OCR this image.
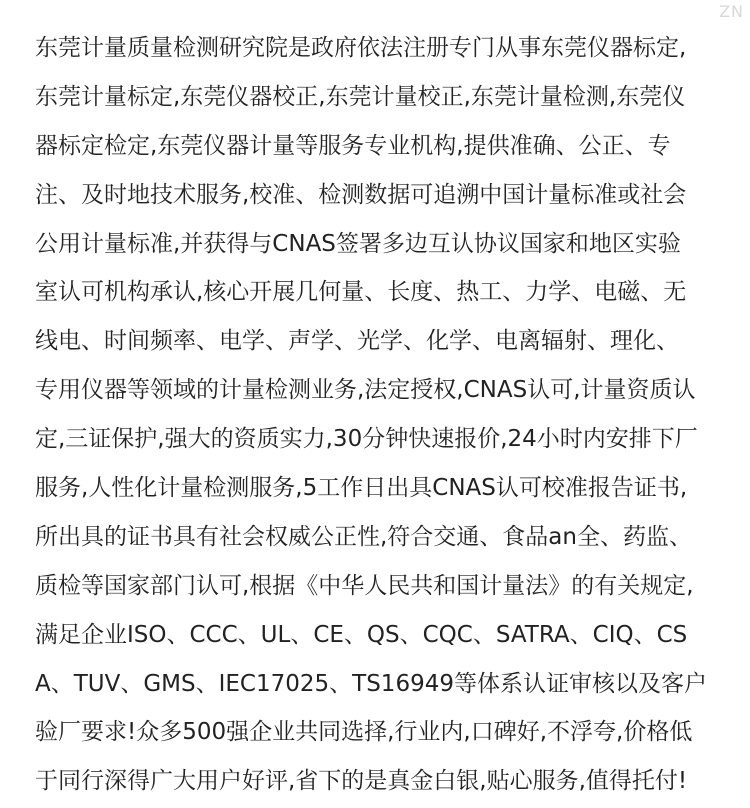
ZN
东莞计量质量检测研究院是政府依法注册专门从事东莞仪器标定,
东莞计量标定,东莞仪器校正,东莞计量校正,东莞计量检测,东莞仪
器标定检定,东莞仪器计量等服务专业机构,提供准确、公正、专
注、及时地技术服务,校准、检测数据可追溯中国计量标准或社会
公用计量标准,并获得与CNAS签署多边互认协议国家和地区实验
室认可机构承认,核心开展几何量、长度、热工、力学、电磁、无
线电、时间频率、电学、声学、光学、化学、电离辐射、理化、
专用仪器等领域的计量检测业务,法定授权,CNAS认可,计量资质认
定,三证保护,强大的资质实力,30分钟快速报价,24小时内安排下厂
服务,人性化计量检测服务,5工作日出具CNAS认可校准报告证书,
所出具的证书具有社会权威公正性,符合交通、食品an全、药监、
质检等国家部门认可,根据《中华人民共和国计量法》的有关规定,
满足企业ISO、CCC、UL、CE、QS、CQC、SATRA、CIQ、CS
A、TUV、GMS、IEC17025、TS16949等体系认证审核以及客户
验厂要求!众多500强企业共同选择,行业内,口碑好,不浮夸,价格低
于同行深得广大用户好评,省下的是真金白银,贴心服务,值得托付!
